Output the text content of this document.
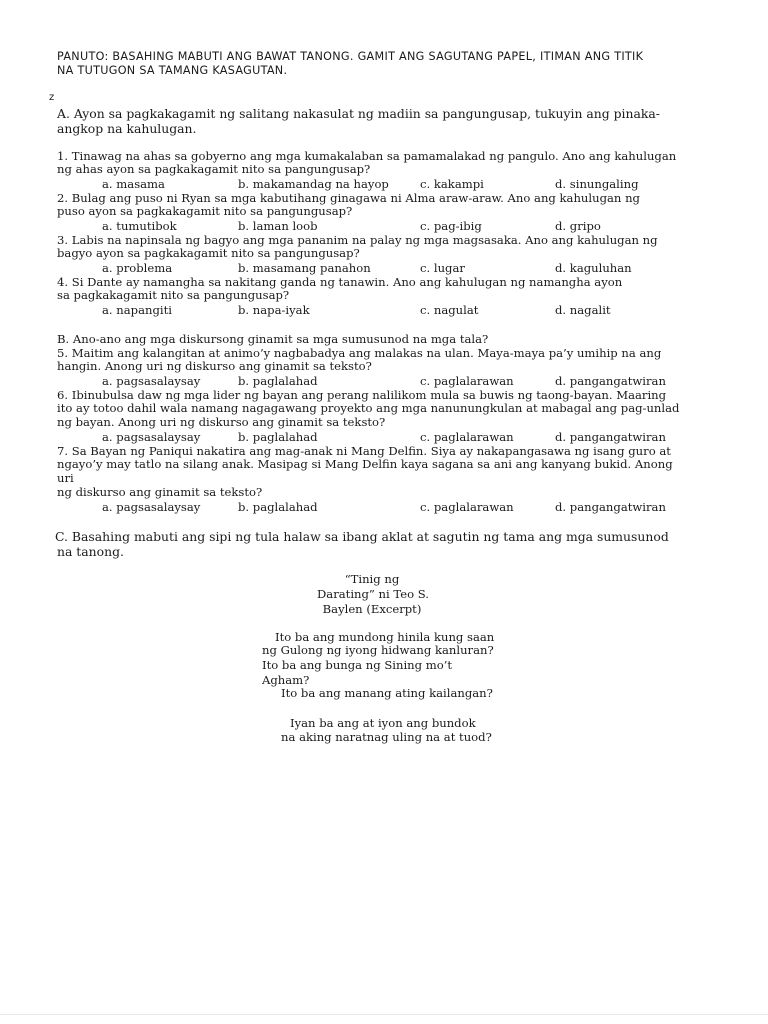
PANUTO: BASAHING MABUTI ANG BAWAT TANONG. GAMIT ANG SAGUTANG PAPEL, ITIMAN ANG TITIK
NA TUTUGON SA TAMANG KASAGUTAN.
z
A. Ayon sa pagkakagamit ng salitang nakasulat ng madiin sa pangungusap, tukuyin ang pinaka-
angkop na kahulugan.
1. Tinawag na ahas sa gobyerno ang mga kumakalaban sa pamamalakad ng pangulo. Ano ang kahulugan
ng ahas ayon sa pagkakagamit nito sa pangungusap?
a. masama	b. makamandag na hayop	c. kakampi	d. sinungaling
2. Bulag ang puso ni Ryan sa mga kabutihang ginagawa ni Alma araw-araw. Ano ang kahulugan ng
puso ayon sa pagkakagamit nito sa pangungusap?
a. tumutibok	b. laman loob	c. pag-ibig	d. gripo
3. Labis na napinsala ng bagyo ang mga pananim na palay ng mga magsasaka. Ano ang kahulugan ng
bagyo ayon sa pagkakagamit nito sa pangungusap?
a. problema	b. masamang panahon	c. lugar	d. kaguluhan
4. Si Dante ay namangha sa nakitang ganda ng tanawin. Ano ang kahulugan ng namangha ayon
sa pagkakagamit nito sa pangungusap?
a. napangiti	b. napa-iyak	c. nagulat	d. nagalit
B. Ano-ano ang mga diskursong ginamit sa mga sumusunod na mga tala?
5. Maitim ang kalangitan at animo’y nagbabadya ang malakas na ulan. Maya-maya pa’y umihip na ang
hangin. Anong uri ng diskurso ang ginamit sa teksto?
a. pagsasalaysay	b. paglalahad	c. paglalarawan	d. pangangatwiran
6. Ibinubulsa daw ng mga lider ng bayan ang perang nalilikom mula sa buwis ng taong-bayan. Maaring
ito ay totoo dahil wala namang nagagawang proyekto ang mga nanunungkulan at mabagal ang pag-unlad
ng bayan. Anong uri ng diskurso ang ginamit sa teksto?
a. pagsasalaysay	b. paglalahad	c. paglalarawan	d. pangangatwiran
7. Sa Bayan ng Paniqui nakatira ang mag-anak ni Mang Delfin. Siya ay nakapangasawa ng isang guro at
ngayo’y may tatlo na silang anak. Masipag si Mang Delfin kaya sagana sa ani ang kanyang bukid. Anong
uri
ng diskurso ang ginamit sa teksto?
a. pagsasalaysay	b. paglalahad	c. paglalarawan	d. pangangatwiran
C. Basahing mabuti ang sipi ng tula halaw sa ibang aklat at sagutin ng tama ang mga sumusunod
na tanong.
“Tinig ng
Darating” ni Teo S.
Baylen (Excerpt)
Ito ba ang mundong hinila kung saan
ng Gulong ng iyong hidwang kanluran?
Ito ba ang bunga ng Sining mo’t
Agham?
Ito ba ang manang ating kailangan?
Iyan ba ang at iyon ang bundok
na aking naratnag uling na at tuod?
